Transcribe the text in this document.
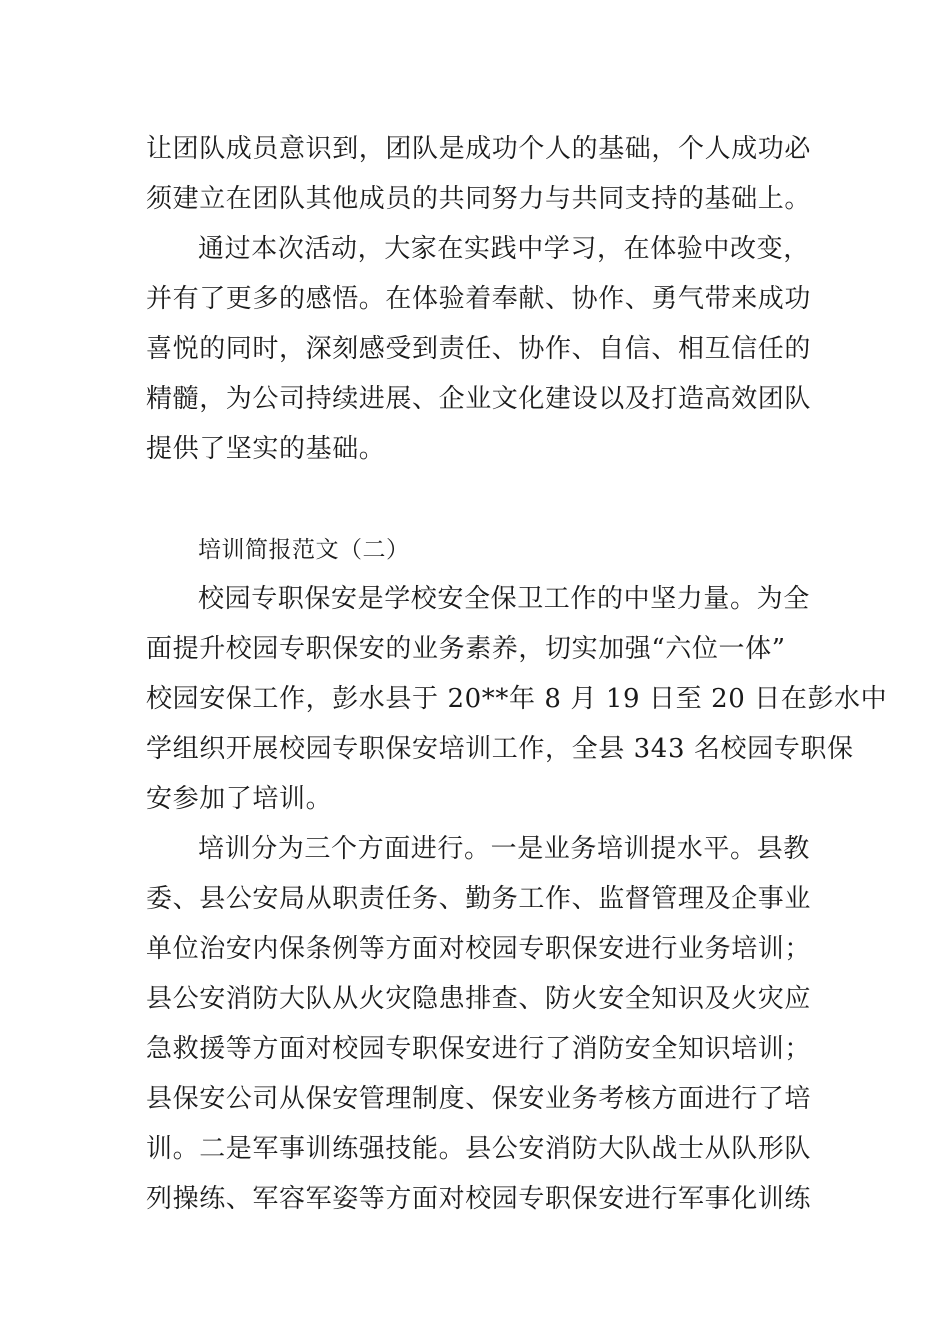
让团队成员意识到，团队是成功个人的基础，个人成功必
须建立在团队其他成员的共同努力与共同支持的基础上。
通过本次活动，大家在实践中学习，在体验中改变，
并有了更多的感悟。在体验着奉献、协作、勇气带来成功
喜悦的同时，深刻感受到责任、协作、自信、相互信任的
精髓，为公司持续进展、企业文化建设以及打造高效团队
提供了坚实的基础。
培训简报范文（二）
校园专职保安是学校安全保卫工作的中坚力量。为全
面提升校园专职保安的业务素养，切实加强“六位一体”
校园安保工作，彭水县于 20**年 8 月 19 日至 20 日在彭水中
学组织开展校园专职保安培训工作，全县 343 名校园专职保
安参加了培训。
培训分为三个方面进行。一是业务培训提水平。县教
委、县公安局从职责任务、勤务工作、监督管理及企事业
单位治安内保条例等方面对校园专职保安进行业务培训；
县公安消防大队从火灾隐患排查、防火安全知识及火灾应
急救援等方面对校园专职保安进行了消防安全知识培训；
县保安公司从保安管理制度、保安业务考核方面进行了培
训。二是军事训练强技能。县公安消防大队战士从队形队
列操练、军容军姿等方面对校园专职保安进行军事化训练
